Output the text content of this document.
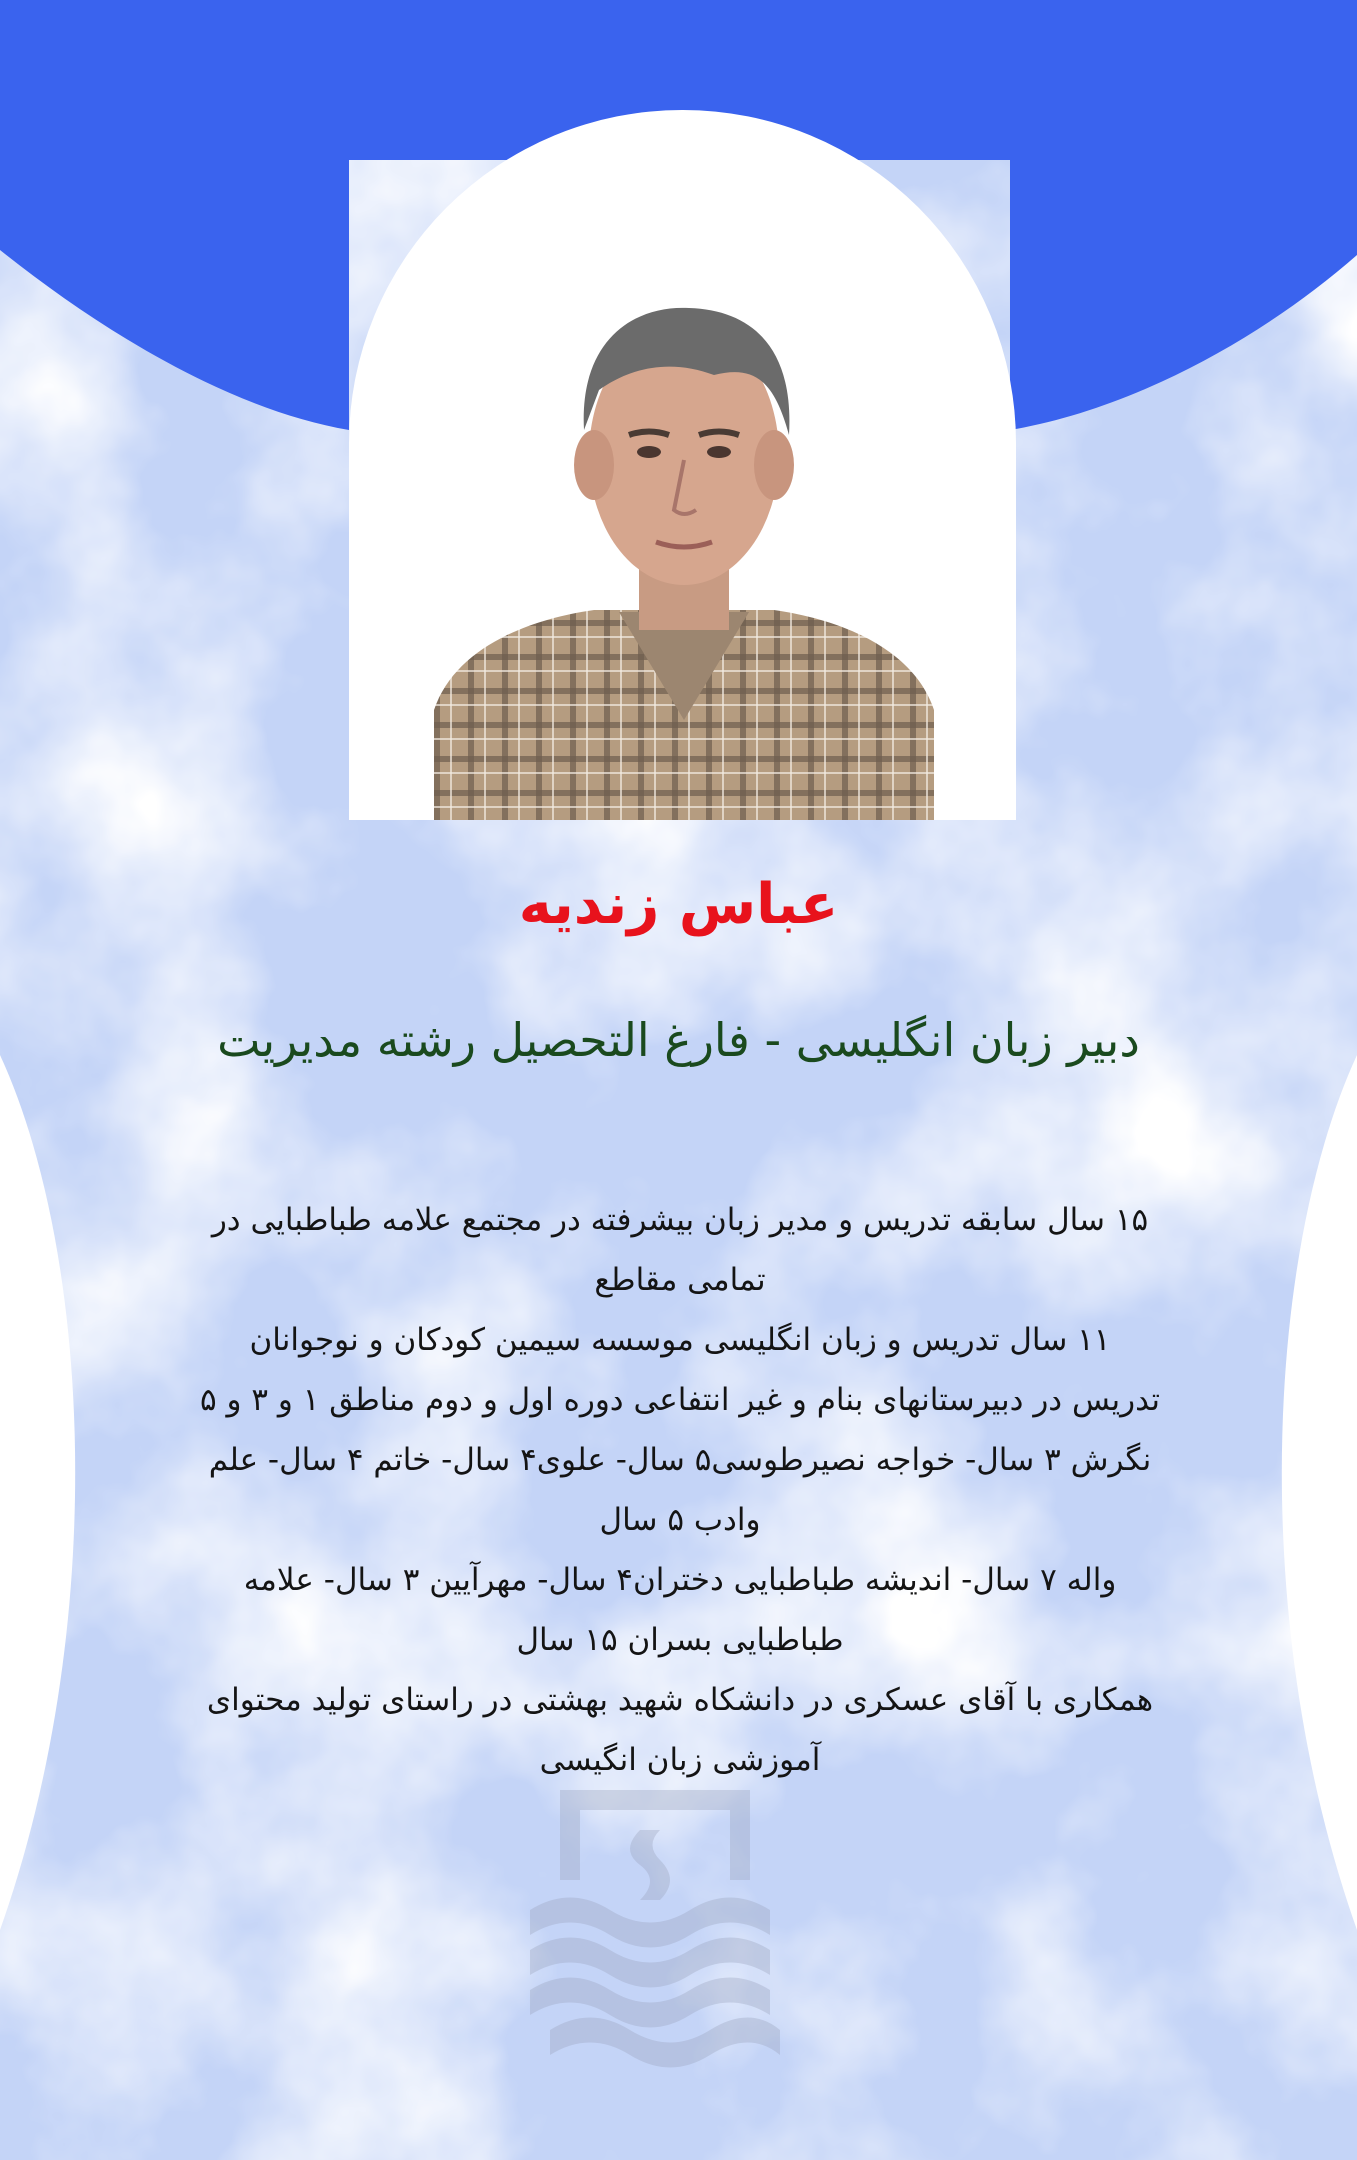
عباس زندیه
دبیر زبان انگلیسی - فارغ التحصیل رشته مدیریت

۱۵ سال سابقه تدریس و مدیر زبان بیشرفته در مجتمع علامه طباطبایی در تمامی مقاطع

۱۱ سال تدریس و زبان انگلیسی موسسه سیمین کودکان و نوجوانان

تدریس در دبیرستانهای بنام و غیر انتفاعی دوره اول و دوم مناطق ۱ و ۳ و ۵

نگرش ۳ سال- خواجه نصیرطوسی۵ سال- علوی۴ سال- خاتم ۴ سال- علم وادب ۵ سال

واله ۷ سال- اندیشه طباطبایی دختران۴ سال- مهرآیین ۳ سال- علامه طباطبایی بسران ۱۵ سال

همکاری با آقای عسکری در دانشکاه شهید بهشتی در راستای تولید محتوای آموزشی زبان انگیسی
